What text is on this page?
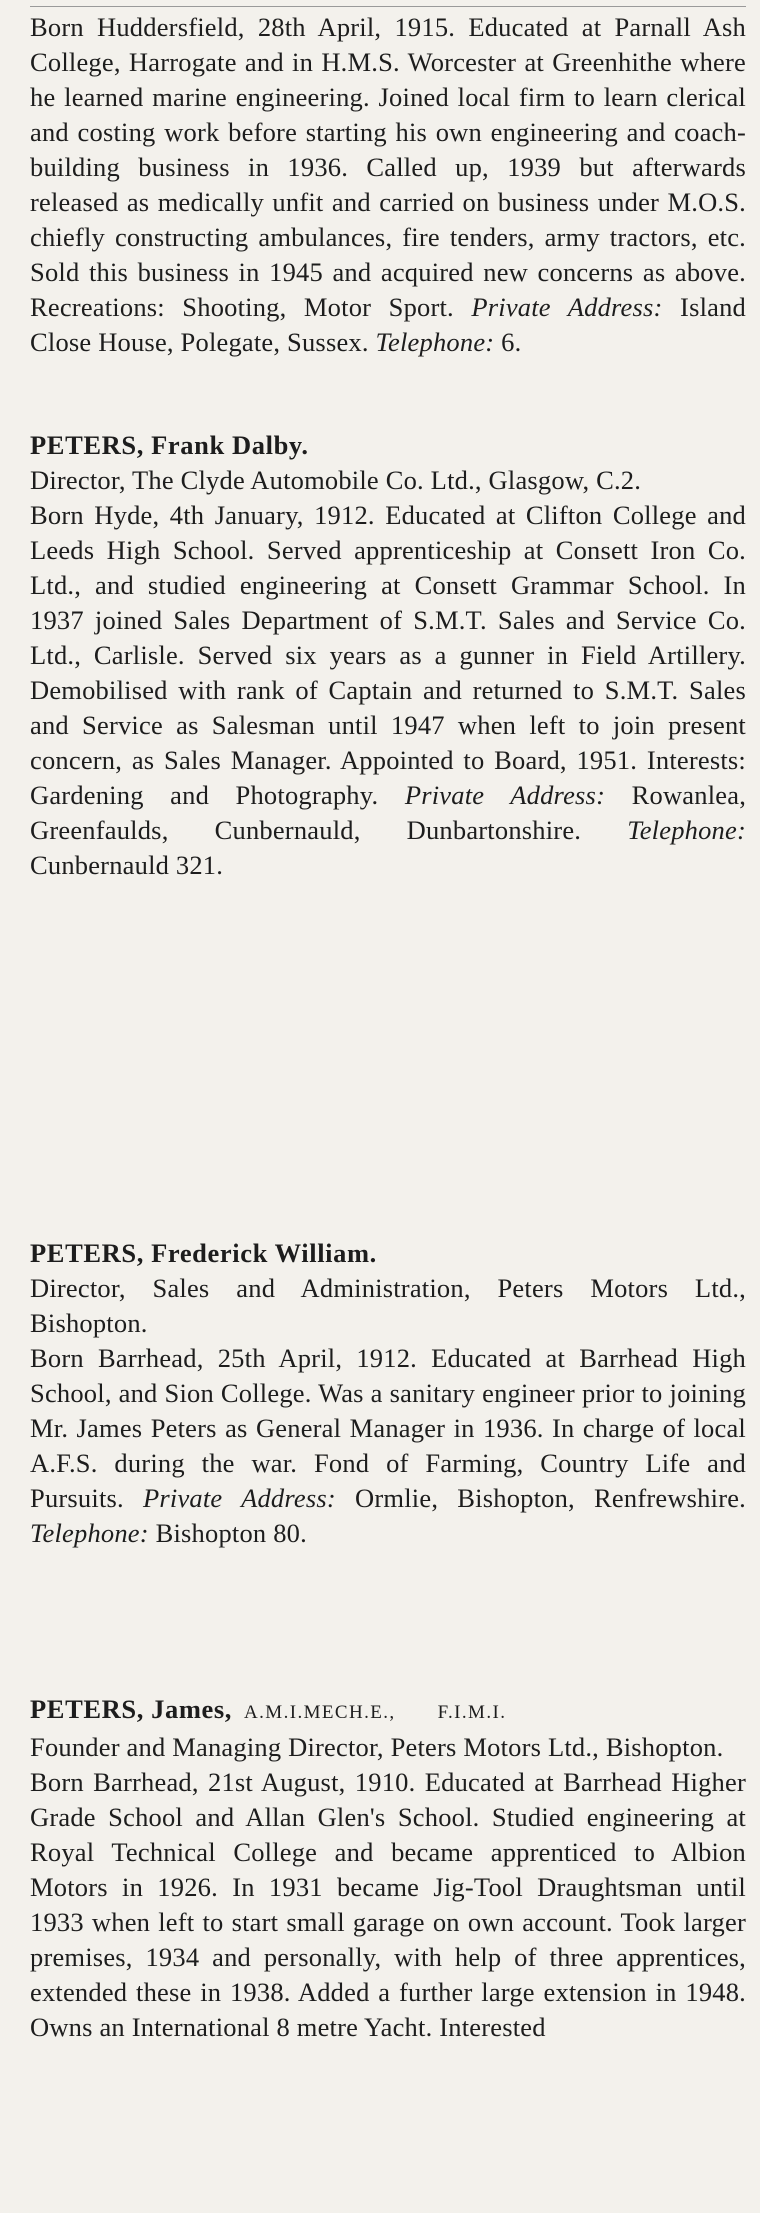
Born Huddersfield, 28th April, 1915. Educated at Parnall Ash College, Harrogate and in H.M.S. Worcester at Greenhithe where he learned marine engineering. Joined local firm to learn clerical and costing work before starting his own engineering and coach-building business in 1936. Called up, 1939 but afterwards released as medically unfit and carried on business under M.O.S. chiefly constructing ambulances, fire tenders, army tractors, etc. Sold this business in 1945 and acquired new concerns as above. Recreations: Shooting, Motor Sport. Private Address: Island Close House, Polegate, Sussex. Telephone: 6.

PETERS, Frank Dalby.

Director, The Clyde Automobile Co. Ltd., Glasgow, C.2.

Born Hyde, 4th January, 1912. Educated at Clifton College and Leeds High School. Served apprenticeship at Consett Iron Co. Ltd., and studied engineering at Consett Grammar School. In 1937 joined Sales Department of S.M.T. Sales and Service Co. Ltd., Carlisle. Served six years as a gunner in Field Artillery. Demobilised with rank of Captain and returned to S.M.T. Sales and Service as Salesman until 1947 when left to join present concern, as Sales Manager. Appointed to Board, 1951. Interests: Gardening and Photography. Private Address: Rowanlea, Greenfaulds, Cunbernauld, Dunbartonshire. Telephone: Cunbernauld 321.

PETERS, Frederick William.

Director, Sales and Administration, Peters Motors Ltd., Bishopton.

Born Barrhead, 25th April, 1912. Educated at Barrhead High School, and Sion College. Was a sanitary engineer prior to joining Mr. James Peters as General Manager in 1936. In charge of local A.F.S. during the war. Fond of Farming, Country Life and Pursuits. Private Address: Ormlie, Bishopton, Renfrewshire. Telephone: Bishopton 80.

PETERS, James, A.M.I.MECH.E., F.I.M.I.

Founder and Managing Director, Peters Motors Ltd., Bishopton.

Born Barrhead, 21st August, 1910. Educated at Barrhead Higher Grade School and Allan Glen's School. Studied engineering at Royal Technical College and became apprenticed to Albion Motors in 1926. In 1931 became Jig-Tool Draughtsman until 1933 when left to start small garage on own account. Took larger premises, 1934 and personally, with help of three apprentices, extended these in 1938. Added a further large extension in 1948. Owns an International 8 metre Yacht. Interested
